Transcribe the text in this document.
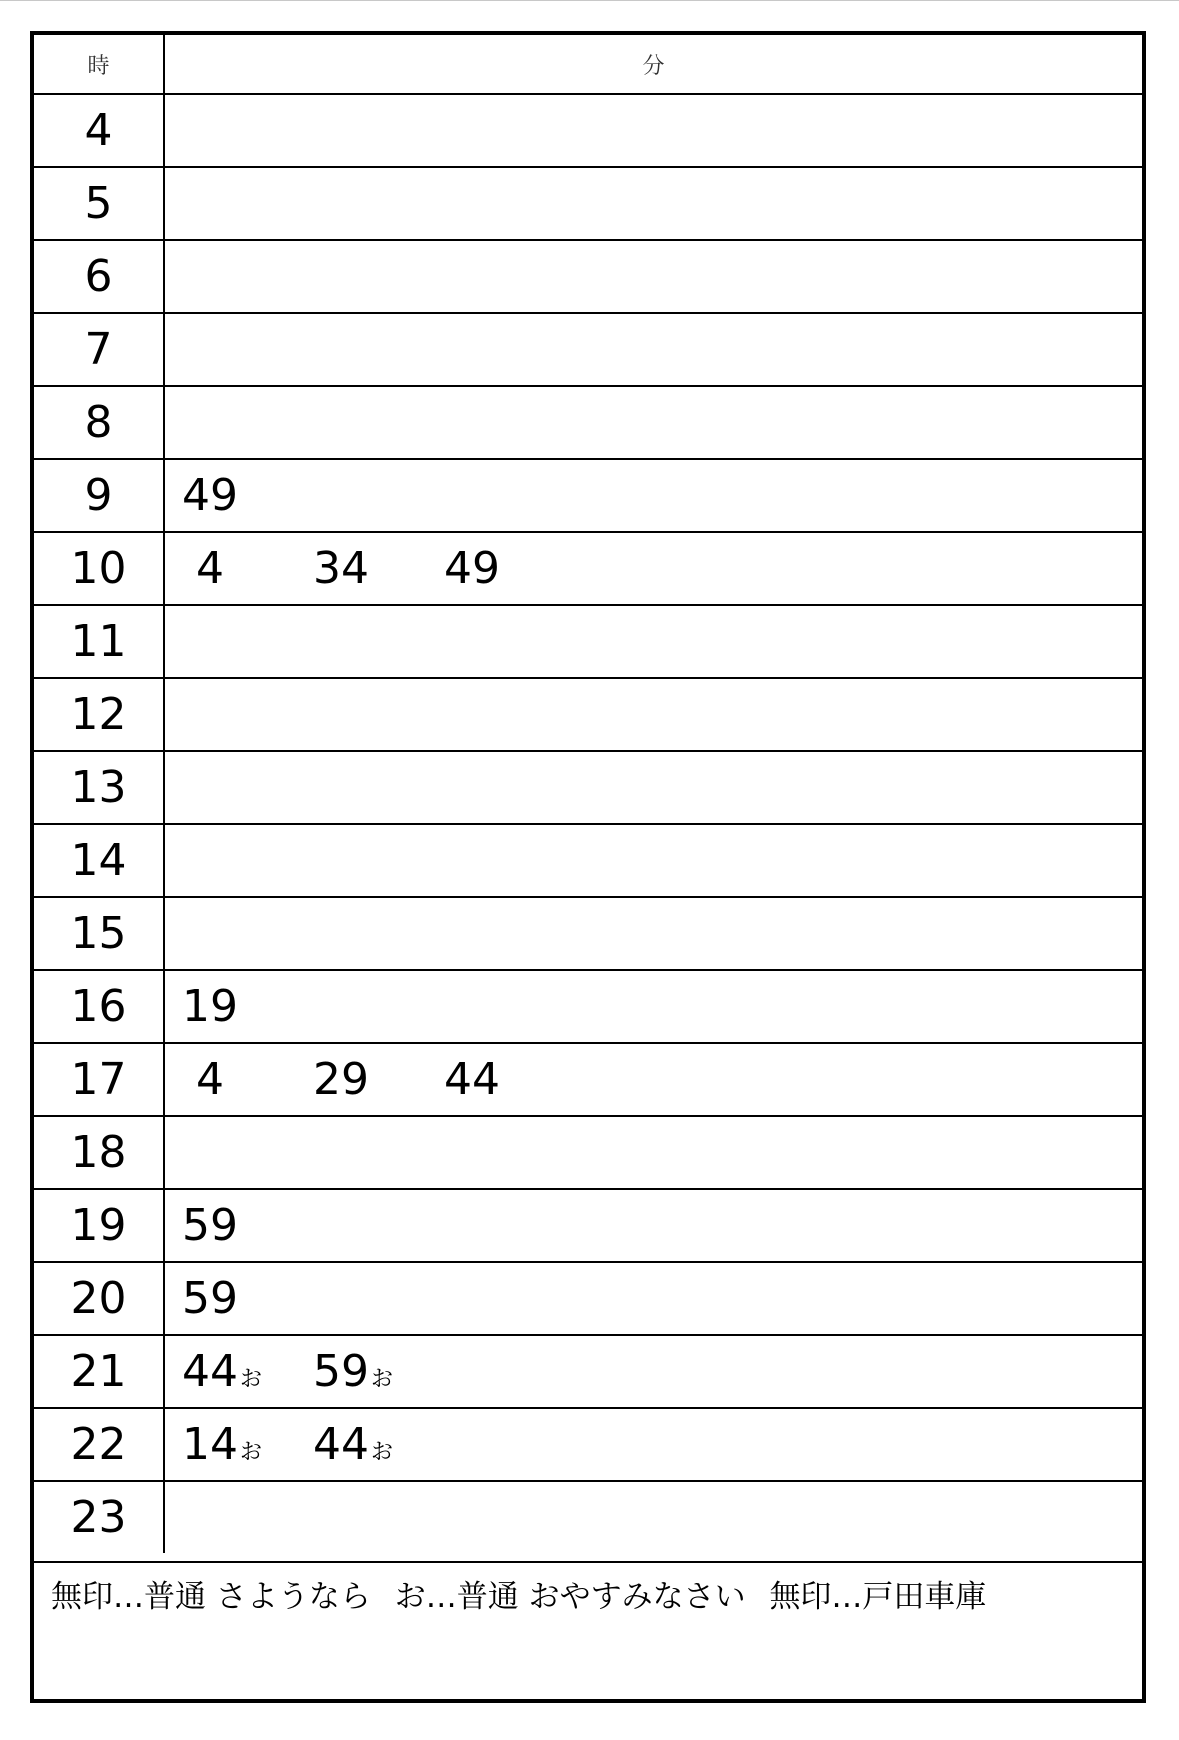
時	分
4	
5	
6	
7	
8	
9	49
10	4 34 49
11	
12	
13	
14	
15	
16	19
17	4 29 44
18	
19	59
20	59
21	44お 59お
22	14お 44お
23	
無印…普通 さようなら お…普通 おやすみなさい 無印…戸田車庫
